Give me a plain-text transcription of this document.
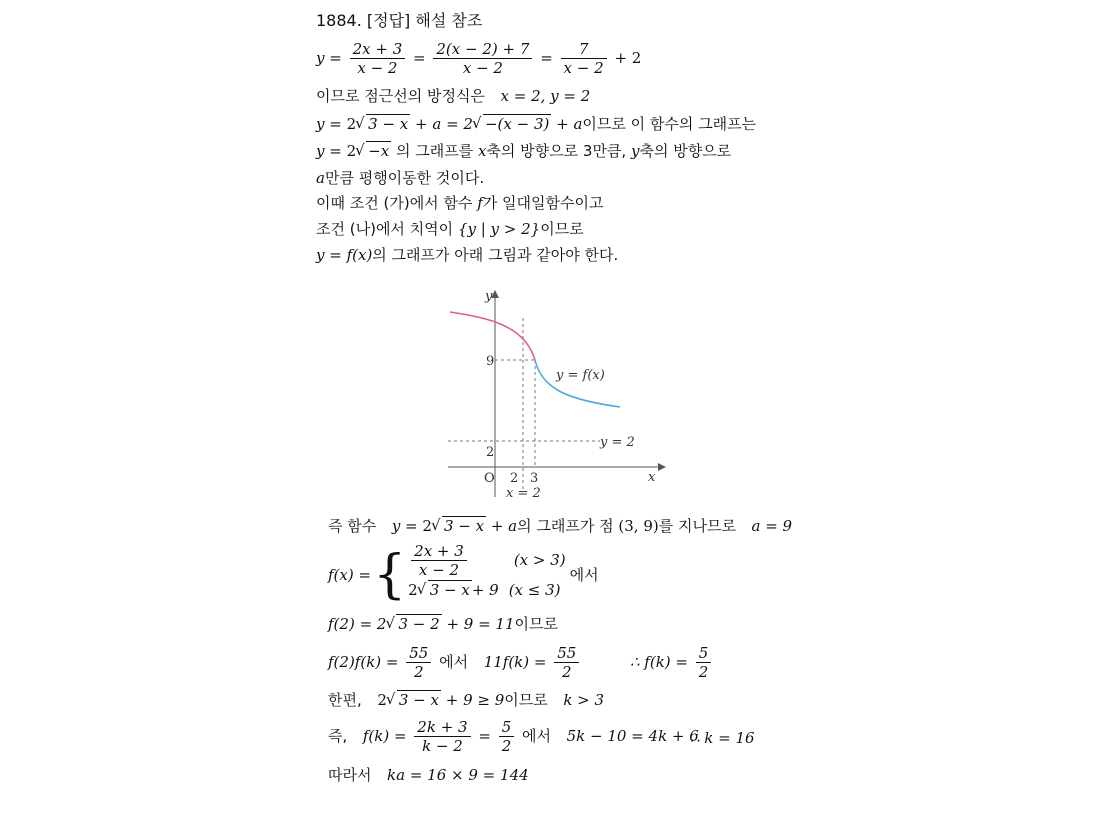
1884. [정답] 해설 참조
$y = \frac{2x + 3}{x - 2} = \frac{2(x - 2) + 7}{x - 2} = \frac{7}{x - 2} + 2$
이므로 점근선의 방정식은 x = 2, y = 2
y = 2 √ 3 − x + a = 2 √ −(x − 3) + a이므로 이 함수의 그래프는
y = 2 √ −x 의 그래프를 x축의 방향으로 3만큼, y축의 방향으로
a만큼 평행이동한 것이다.
이때 조건 (가)에서 함수 f가 일대일함수이고
조건 (나)에서 치역이 {y | y > 2}이므로
y = f(x)의 그래프가 아래 그림과 같아야 한다.
y
x
O 2 3
9
2
y = f(x)
y = 2
x = 2
즉 함수 y = 2 √ 3 − x + a의 그래프가 점 (3, 9)를 지나므로 a = 9
f(x) = { $\frac{2x + 3}{x - 2}$	(x > 3)
2 √ 3 − x + 9 (x ≤ 3)
에서
f(2) = 2 √ 3 − 2 + 9 = 11이므로
$f(2)f(k) = \frac{55}{2}$ 에서 $11f(k) = \frac{55}{2}$	∴ $f(k) = \frac{5}{2}$
한편, 2 √ 3 − x + 9 ≥ 9이므로 k > 3
즉, $f(k) = \frac{2k + 3}{k - 2} = \frac{5}{2}$ 에서 5k − 10 = 4k + 6
∴ k = 16
따라서 ka = 16 × 9 = 144
